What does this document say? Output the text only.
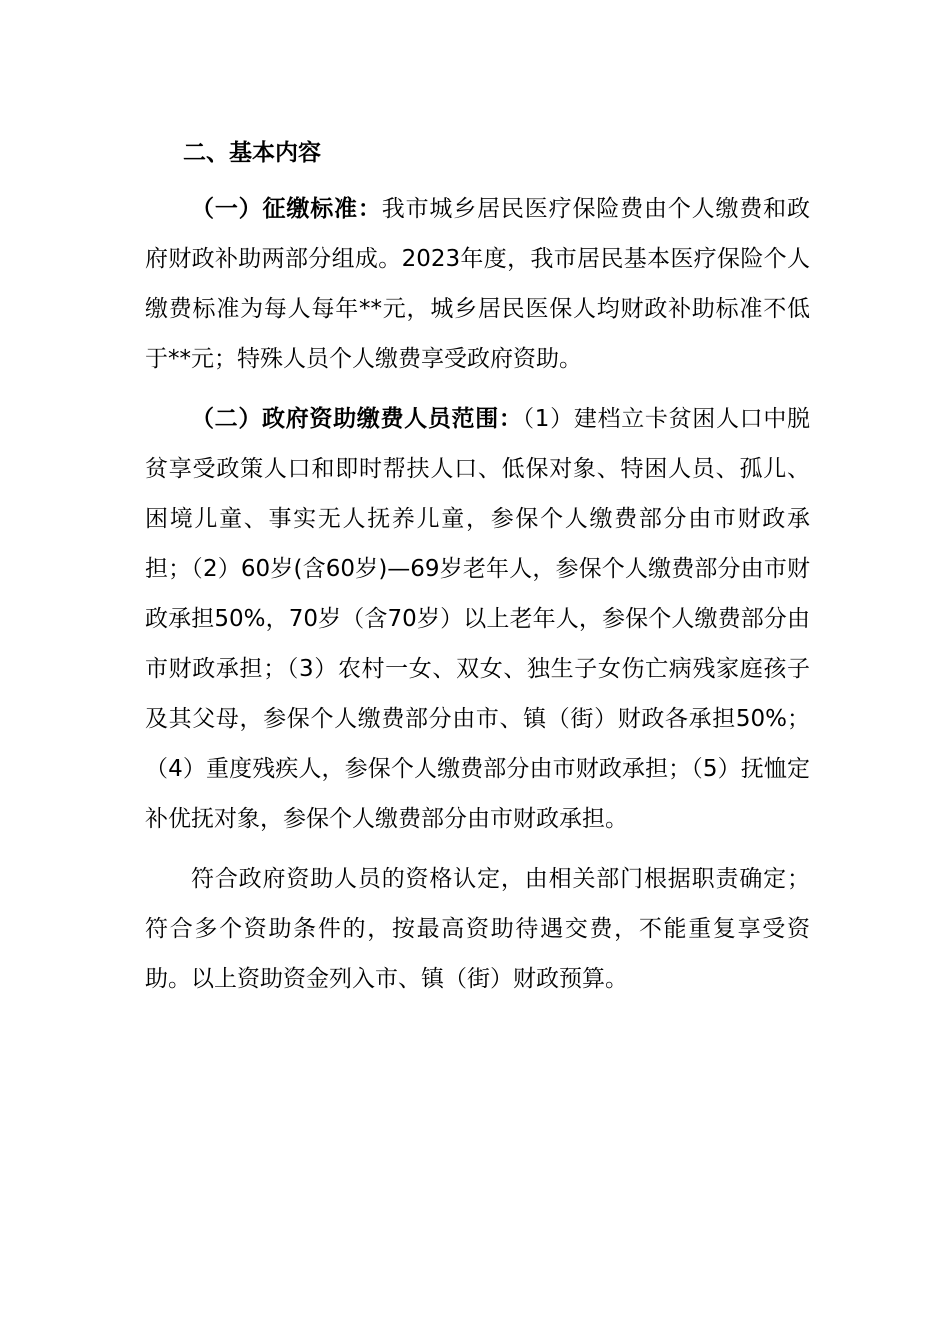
二、基本内容

（一）征缴标准：我市城乡居民医疗保险费由个人缴费和政府财政补助两部分组成。2023年度，我市居民基本医疗保险个人缴费标准为每人每年**元，城乡居民医保人均财政补助标准不低于**元；特殊人员个人缴费享受政府资助。

（二）政府资助缴费人员范围：（1）建档立卡贫困人口中脱贫享受政策人口和即时帮扶人口、低保对象、特困人员、孤儿、困境儿童、事实无人抚养儿童，参保个人缴费部分由市财政承担；（2）60岁(含60岁)—69岁老年人，参保个人缴费部分由市财政承担50%，70岁（含70岁）以上老年人，参保个人缴费部分由市财政承担；（3）农村一女、双女、独生子女伤亡病残家庭孩子及其父母，参保个人缴费部分由市、镇（街）财政各承担50%；（4）重度残疾人，参保个人缴费部分由市财政承担；（5）抚恤定补优抚对象，参保个人缴费部分由市财政承担。

符合政府资助人员的资格认定，由相关部门根据职责确定；符合多个资助条件的，按最高资助待遇交费，不能重复享受资助。以上资助资金列入市、镇（街）财政预算。
